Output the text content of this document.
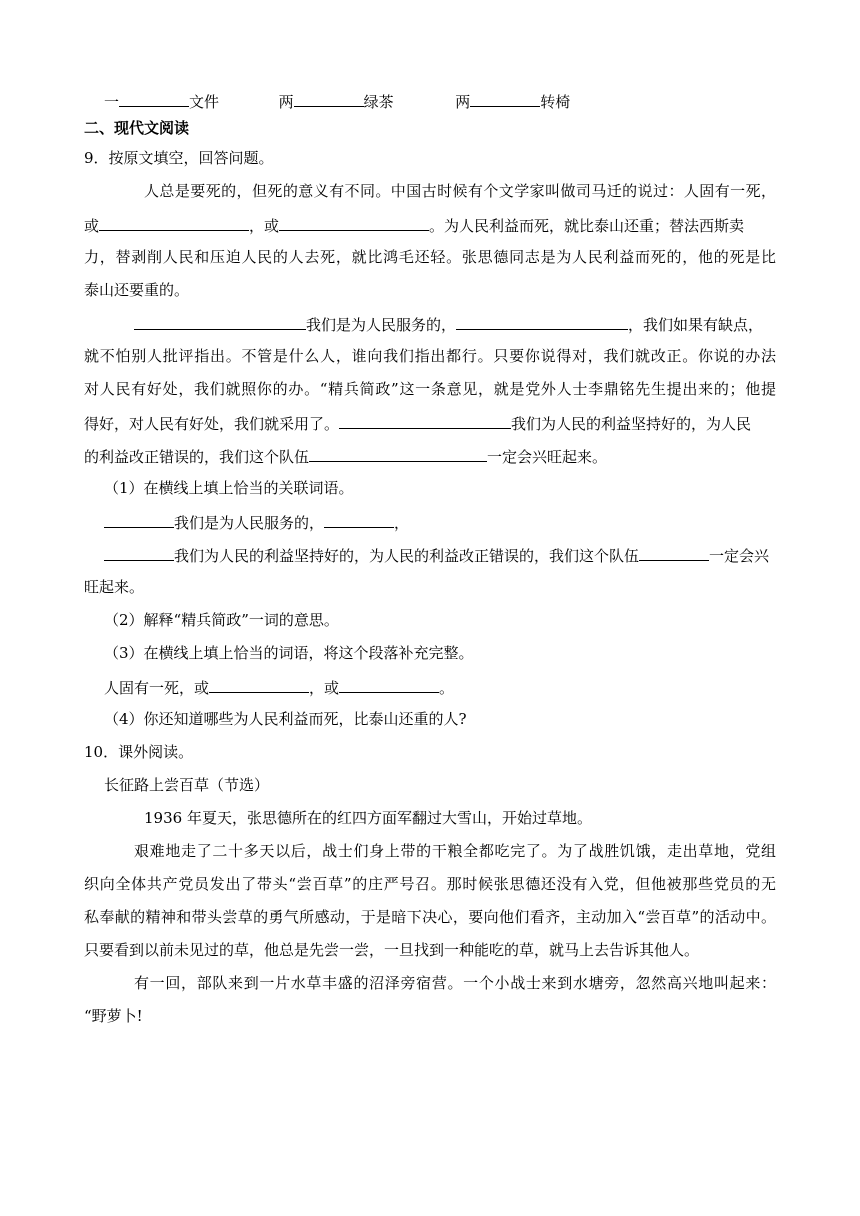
一	文件	两	绿茶	两	转椅
二、现代文阅读
9．按原文填空，回答问题。
人总是要死的，但死的意义有不同。中国古时候有个文学家叫做司马迁的说过：人固有一死，
或	，或	。为人民利益而死，就比泰山还重；替法西斯卖
力，替剥削人民和压迫人民的人去死，就比鸿毛还轻。张思德同志是为人民利益而死的，他的死是比
泰山还要重的。
我们是为人民服务的，	，我们如果有缺点，
就不怕别人批评指出。不管是什么人，谁向我们指出都行。只要你说得对，我们就改正。你说的办法
对人民有好处，我们就照你的办。“精兵简政”这一条意见，就是党外人士李鼎铭先生提出来的；他提
得好，对人民有好处，我们就采用了。	我们为人民的利益坚持好的，为人民
的利益改正错误的，我们这个队伍	一定会兴旺起来。
（1）在横线上填上恰当的关联词语。
我们是为人民服务的，	，
我们为人民的利益坚持好的，为人民的利益改正错误的，我们这个队伍	一定会兴
旺起来。
（2）解释“精兵简政”一词的意思。
（3）在横线上填上恰当的词语，将这个段落补充完整。
人固有一死，或	，或	。
（4）你还知道哪些为人民利益而死，比泰山还重的人?
10．课外阅读。
长征路上尝百草（节选）
1936 年夏天，张思德所在的红四方面军翻过大雪山，开始过草地。
艰难地走了二十多天以后，战士们身上带的干粮全都吃完了。为了战胜饥饿，走出草地，党组
织向全体共产党员发出了带头“尝百草”的庄严号召。那时候张思德还没有入党，但他被那些党员的无
私奉献的精神和带头尝草的勇气所感动，于是暗下决心，要向他们看齐，主动加入“尝百草”的活动中。
只要看到以前未见过的草，他总是先尝一尝，一旦找到一种能吃的草，就马上去告诉其他人。
有一回，部队来到一片水草丰盛的沼泽旁宿营。一个小战士来到水塘旁，忽然高兴地叫起来：
“野萝卜!
